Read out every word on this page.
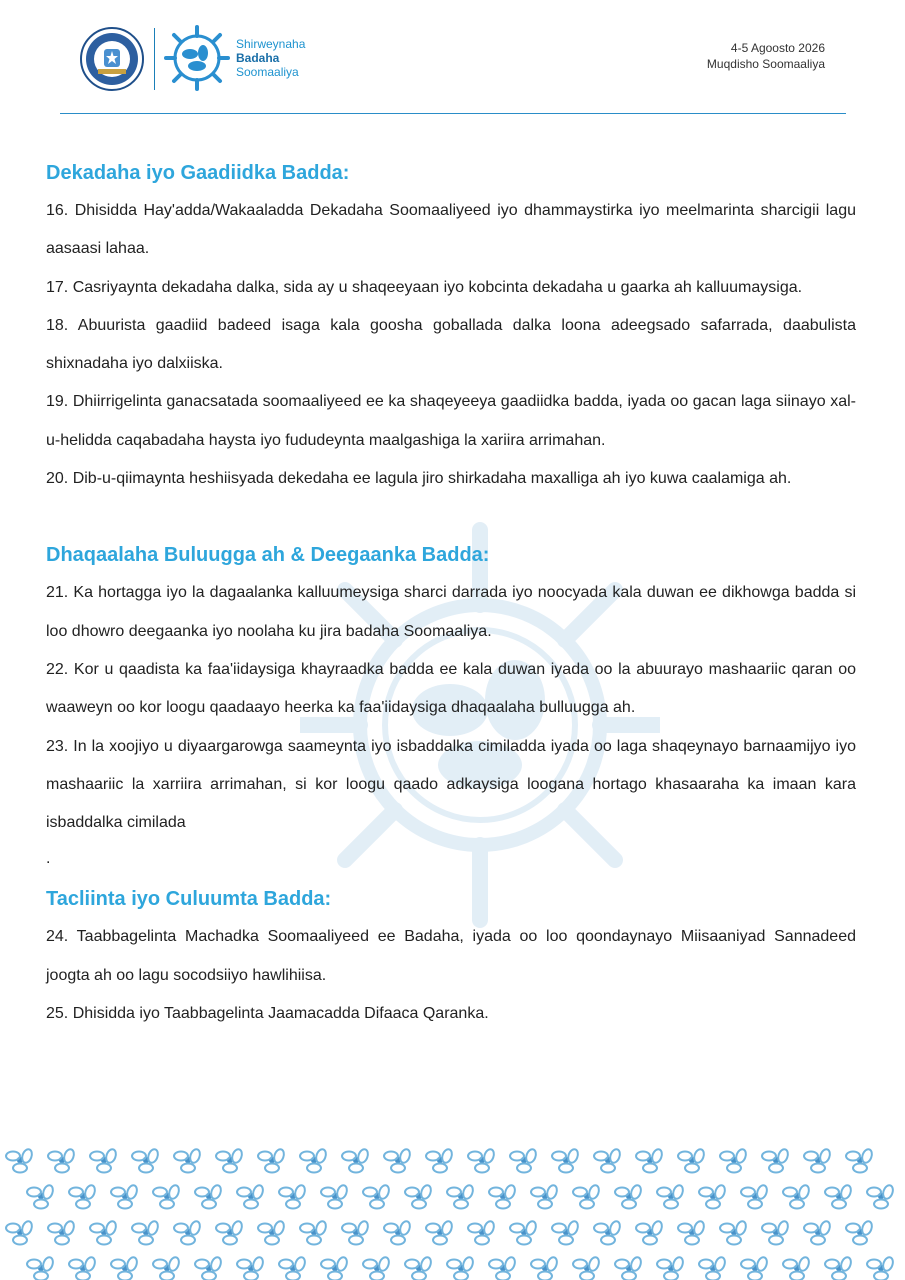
Shirweynaha
Badaha
Soomaaliya
4-5 Agoosto 2026
Muqdisho Soomaaliya
Dekadaha iyo Gaadiidka Badda:

16. Dhisidda Hay'adda/Wakaaladda Dekadaha Soomaaliyeed iyo dhammaystirka iyo meelmarinta sharcigii lagu aasaasi lahaa.

17. Casriyaynta dekadaha dalka, sida ay u shaqeeyaan iyo kobcinta dekadaha u gaarka ah kalluumaysiga.

18. Abuurista gaadiid badeed isaga kala goosha goballada dalka loona adeegsado safarrada, daabulista shixnadaha iyo dalxiiska.

19. Dhiirrigelinta ganacsatada soomaaliyeed ee ka shaqeyeeya gaadiidka badda, iyada oo gacan laga siinayo xal-u-helidda caqabadaha haysta iyo fududeynta maalgashiga la xariira arrimahan.

20. Dib-u-qiimaynta heshiisyada dekedaha ee lagula jiro shirkadaha maxalliga ah iyo kuwa caalamiga ah.

Dhaqaalaha Buluugga ah & Deegaanka Badda:

21. Ka hortagga iyo la dagaalanka kalluumeysiga sharci darrada iyo noocyada kala duwan ee dikhowga badda si loo dhowro deegaanka iyo noolaha ku jira badaha Soomaaliya.

22. Kor u qaadista ka faa'iidaysiga khayraadka badda ee kala duwan iyada oo la abuurayo mashaariic qaran oo waaweyn oo kor loogu qaadaayo heerka ka faa'iidaysiga dhaqaalaha bulluugga ah.

23. In la xoojiyo u diyaargarowga saameynta iyo isbaddalka cimiladda iyada oo laga shaqeynayo barnaamijyo iyo mashaariic la xarriira arrimahan, si kor loogu qaado adkaysiga loogana hortago khasaaraha ka imaan kara isbaddalka cimilada

.

Tacliinta iyo Culuumta Badda:

24. Taabbagelinta Machadka Soomaaliyeed ee Badaha, iyada oo loo qoondaynayo Miisaaniyad Sannadeed joogta ah oo lagu socodsiiyo hawlihiisa.

25. Dhisidda iyo Taabbagelinta Jaamacadda Difaaca Qaranka.
